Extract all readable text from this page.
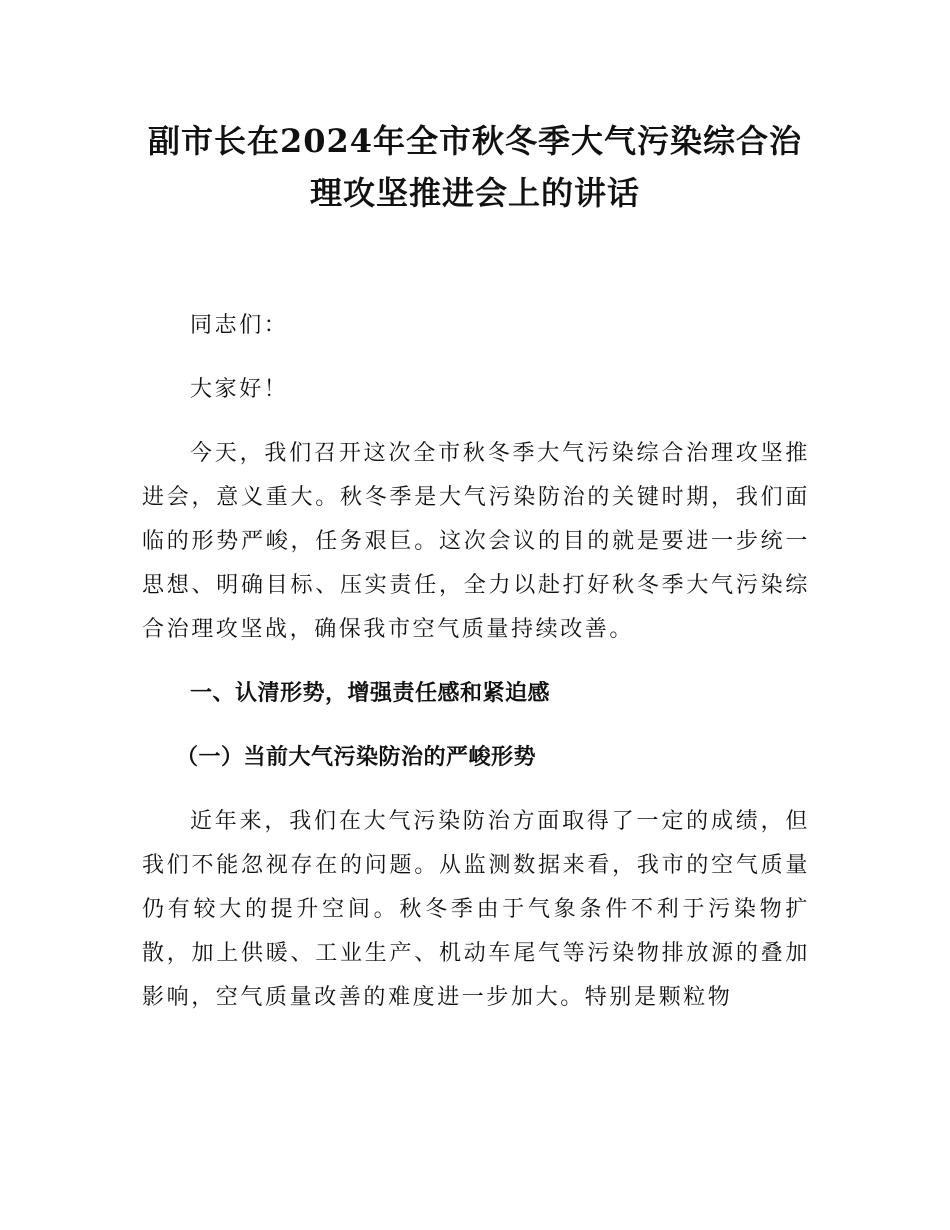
副市长在2024年全市秋冬季大气污染综合治
理攻坚推进会上的讲话

同志们：

大家好！

今天，我们召开这次全市秋冬季大气污染综合治理攻坚推进会，意义重大。秋冬季是大气污染防治的关键时期，我们面临的形势严峻，任务艰巨。这次会议的目的就是要进一步统一思想、明确目标、压实责任，全力以赴打好秋冬季大气污染综合治理攻坚战，确保我市空气质量持续改善。

一、认清形势，增强责任感和紧迫感

（一）当前大气污染防治的严峻形势

近年来，我们在大气污染防治方面取得了一定的成绩，但我们不能忽视存在的问题。从监测数据来看，我市的空气质量仍有较大的提升空间。秋冬季由于气象条件不利于污染物扩散，加上供暖、工业生产、机动车尾气等污染物排放源的叠加影响，空气质量改善的难度进一步加大。特别是颗粒物
